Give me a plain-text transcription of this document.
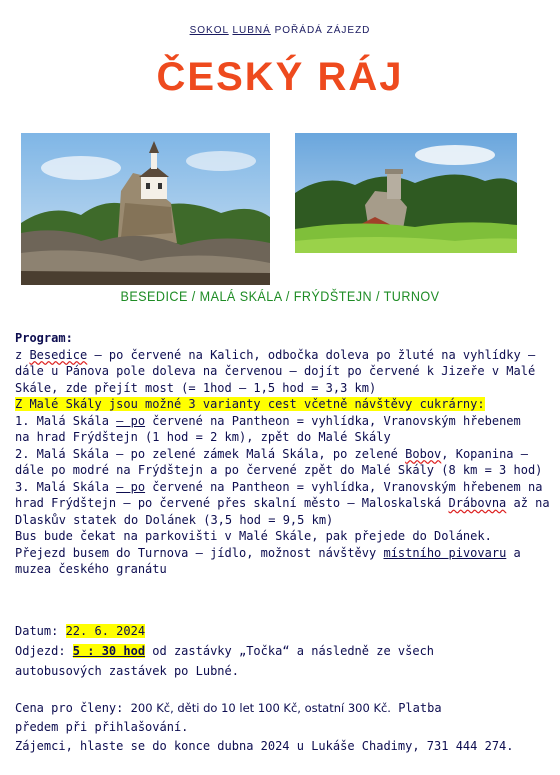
SOKOL LUBNÁ POŘÁDÁ ZÁJEZD
ČESKÝ RÁJ
BESEDICE / MALÁ SKÁLA / FRÝDŠTEJN / TURNOV
Program:
z Besedice – po červené na Kalich, odbočka doleva po žluté na vyhlídky –
dále u Pánova pole doleva na červenou – dojít po červené k Jizeře v Malé
Skále, zde přejít most (= 1hod – 1,5 hod = 3,3 km)
Z Malé Skály jsou možné 3 varianty cest včetně návštěvy cukrárny:
1. Malá Skála – po červené na Pantheon = vyhlídka, Vranovským hřebenem
na hrad Frýdštejn (1 hod = 2 km), zpět do Malé Skály
2. Malá Skála – po zelené zámek Malá Skála, po zelené Bobov, Kopanina –
dále po modré na Frýdštejn a po červené zpět do Malé Skály (8 km = 3 hod)
3. Malá Skála – po červené na Pantheon = vyhlídka, Vranovským hřebenem na
hrad Frýdštejn – po červené přes skalní město – Maloskalská Drábovna až na
Dlaskův statek do Dolánek (3,5 hod = 9,5 km)
Bus bude čekat na parkovišti v Malé Skále, pak přejede do Dolánek.
Přejezd busem do Turnova – jídlo, možnost návštěvy místního pivovaru a
muzea českého granátu
Datum: 22. 6. 2024
Odjezd: 5 : 30 hod od zastávky „Točka“ a následně ze všech
autobusových zastávek po Lubné.
Cena pro členy: 200 Kč, děti do 10 let 100 Kč, ostatní 300 Kč. Platba
předem při přihlašování.
Zájemci, hlaste se do konce dubna 2024 u Lukáše Chadimy, 731 444 274.
